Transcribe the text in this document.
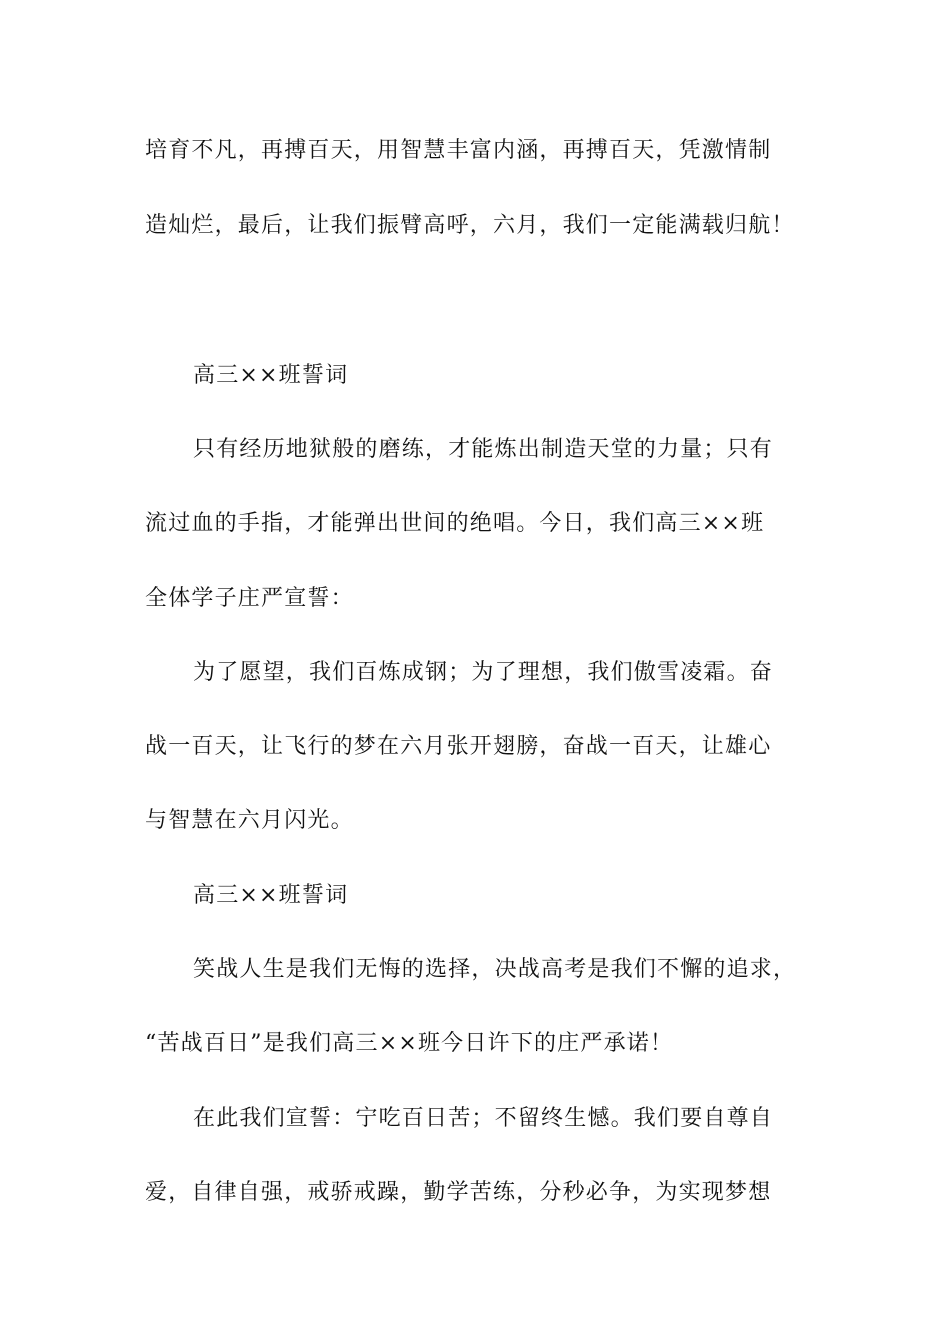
培育不凡，再搏百天，用智慧丰富内涵，再搏百天，凭激情制
造灿烂，最后，让我们振臂高呼，六月，我们一定能满载归航！
高三××班誓词
只有经历地狱般的磨练，才能炼出制造天堂的力量；只有
流过血的手指，才能弹出世间的绝唱。今日，我们高三××班
全体学子庄严宣誓：
为了愿望，我们百炼成钢；为了理想，我们傲雪凌霜。奋
战一百天，让飞行的梦在六月张开翅膀，奋战一百天，让雄心
与智慧在六月闪光。
高三××班誓词
笑战人生是我们无悔的选择，决战高考是我们不懈的追求，
“苦战百日”是我们高三××班今日许下的庄严承诺！
在此我们宣誓：宁吃百日苦；不留终生憾。我们要自尊自
爱，自律自强，戒骄戒躁，勤学苦练，分秒必争，为实现梦想
